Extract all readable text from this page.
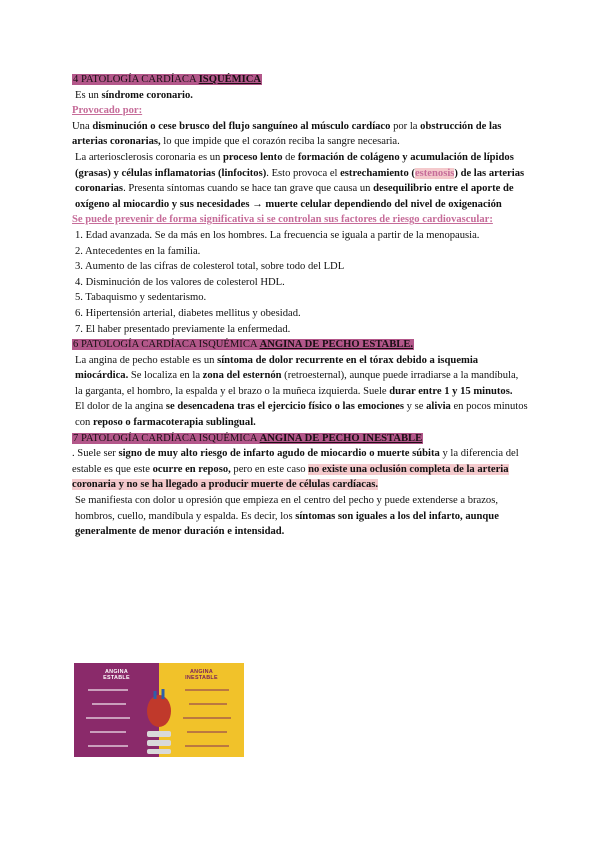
4 PATOLOGÍA CARDÍACA ISQUÉMICA

Es un síndrome coronario.

Provocado por:

Una disminución o cese brusco del flujo sanguíneo al músculo cardíaco por la obstrucción de las arterias coronarias, lo que impide que el corazón reciba la sangre necesaria.

La arteriosclerosis coronaria es un proceso lento de formación de colágeno y acumulación de lípidos (grasas) y células inflamatorias (linfocitos). Esto provoca el estrechamiento (estenosis) de las arterias coronarias. Presenta síntomas cuando se hace tan grave que causa un desequilibrio entre el aporte de oxígeno al miocardio y sus necesidades → muerte celular dependiendo del nivel de oxigenación

Se puede prevenir de forma significativa si se controlan sus factores de riesgo cardiovascular:

1. Edad avanzada. Se da más en los hombres. La frecuencia se iguala a partir de la menopausia.

2. Antecedentes en la familia.

3. Aumento de las cifras de colesterol total, sobre todo del LDL

4. Disminución de los valores de colesterol HDL.

5. Tabaquismo y sedentarismo.

6. Hipertensión arterial, diabetes mellitus y obesidad.

7. El haber presentado previamente la enfermedad.

6 PATOLOGÍA CARDÍACA ISQUÉMICA ANGINA DE PECHO ESTABLE.

La angina de pecho estable es un síntoma de dolor recurrente en el tórax debido a isquemia miocárdica. Se localiza en la zona del esternón (retroesternal), aunque puede irradiarse a la mandíbula, la garganta, el hombro, la espalda y el brazo o la muñeca izquierda. Suele durar entre 1 y 15 minutos.

El dolor de la angina se desencadena tras el ejercicio físico o las emociones y se alivia en pocos minutos con reposo o farmacoterapia sublingual.

7 PATOLOGÍA CARDÍACA ISQUÉMICA ANGINA DE PECHO INESTABLE

. Suele ser signo de muy alto riesgo de infarto agudo de miocardio o muerte súbita y la diferencia del estable es que este ocurre en reposo, pero en este caso no existe una oclusión completa de la arteria coronaria y no se ha llegado a producir muerte de células cardíacas.

Se manifiesta con dolor u opresión que empieza en el centro del pecho y puede extenderse a brazos, hombros, cuello, mandíbula y espalda. Es decir, los síntomas son iguales a los del infarto, aunque generalmente de menor duración e intensidad.

ANGINA
ESTABLE
ANGINA
INESTABLE
